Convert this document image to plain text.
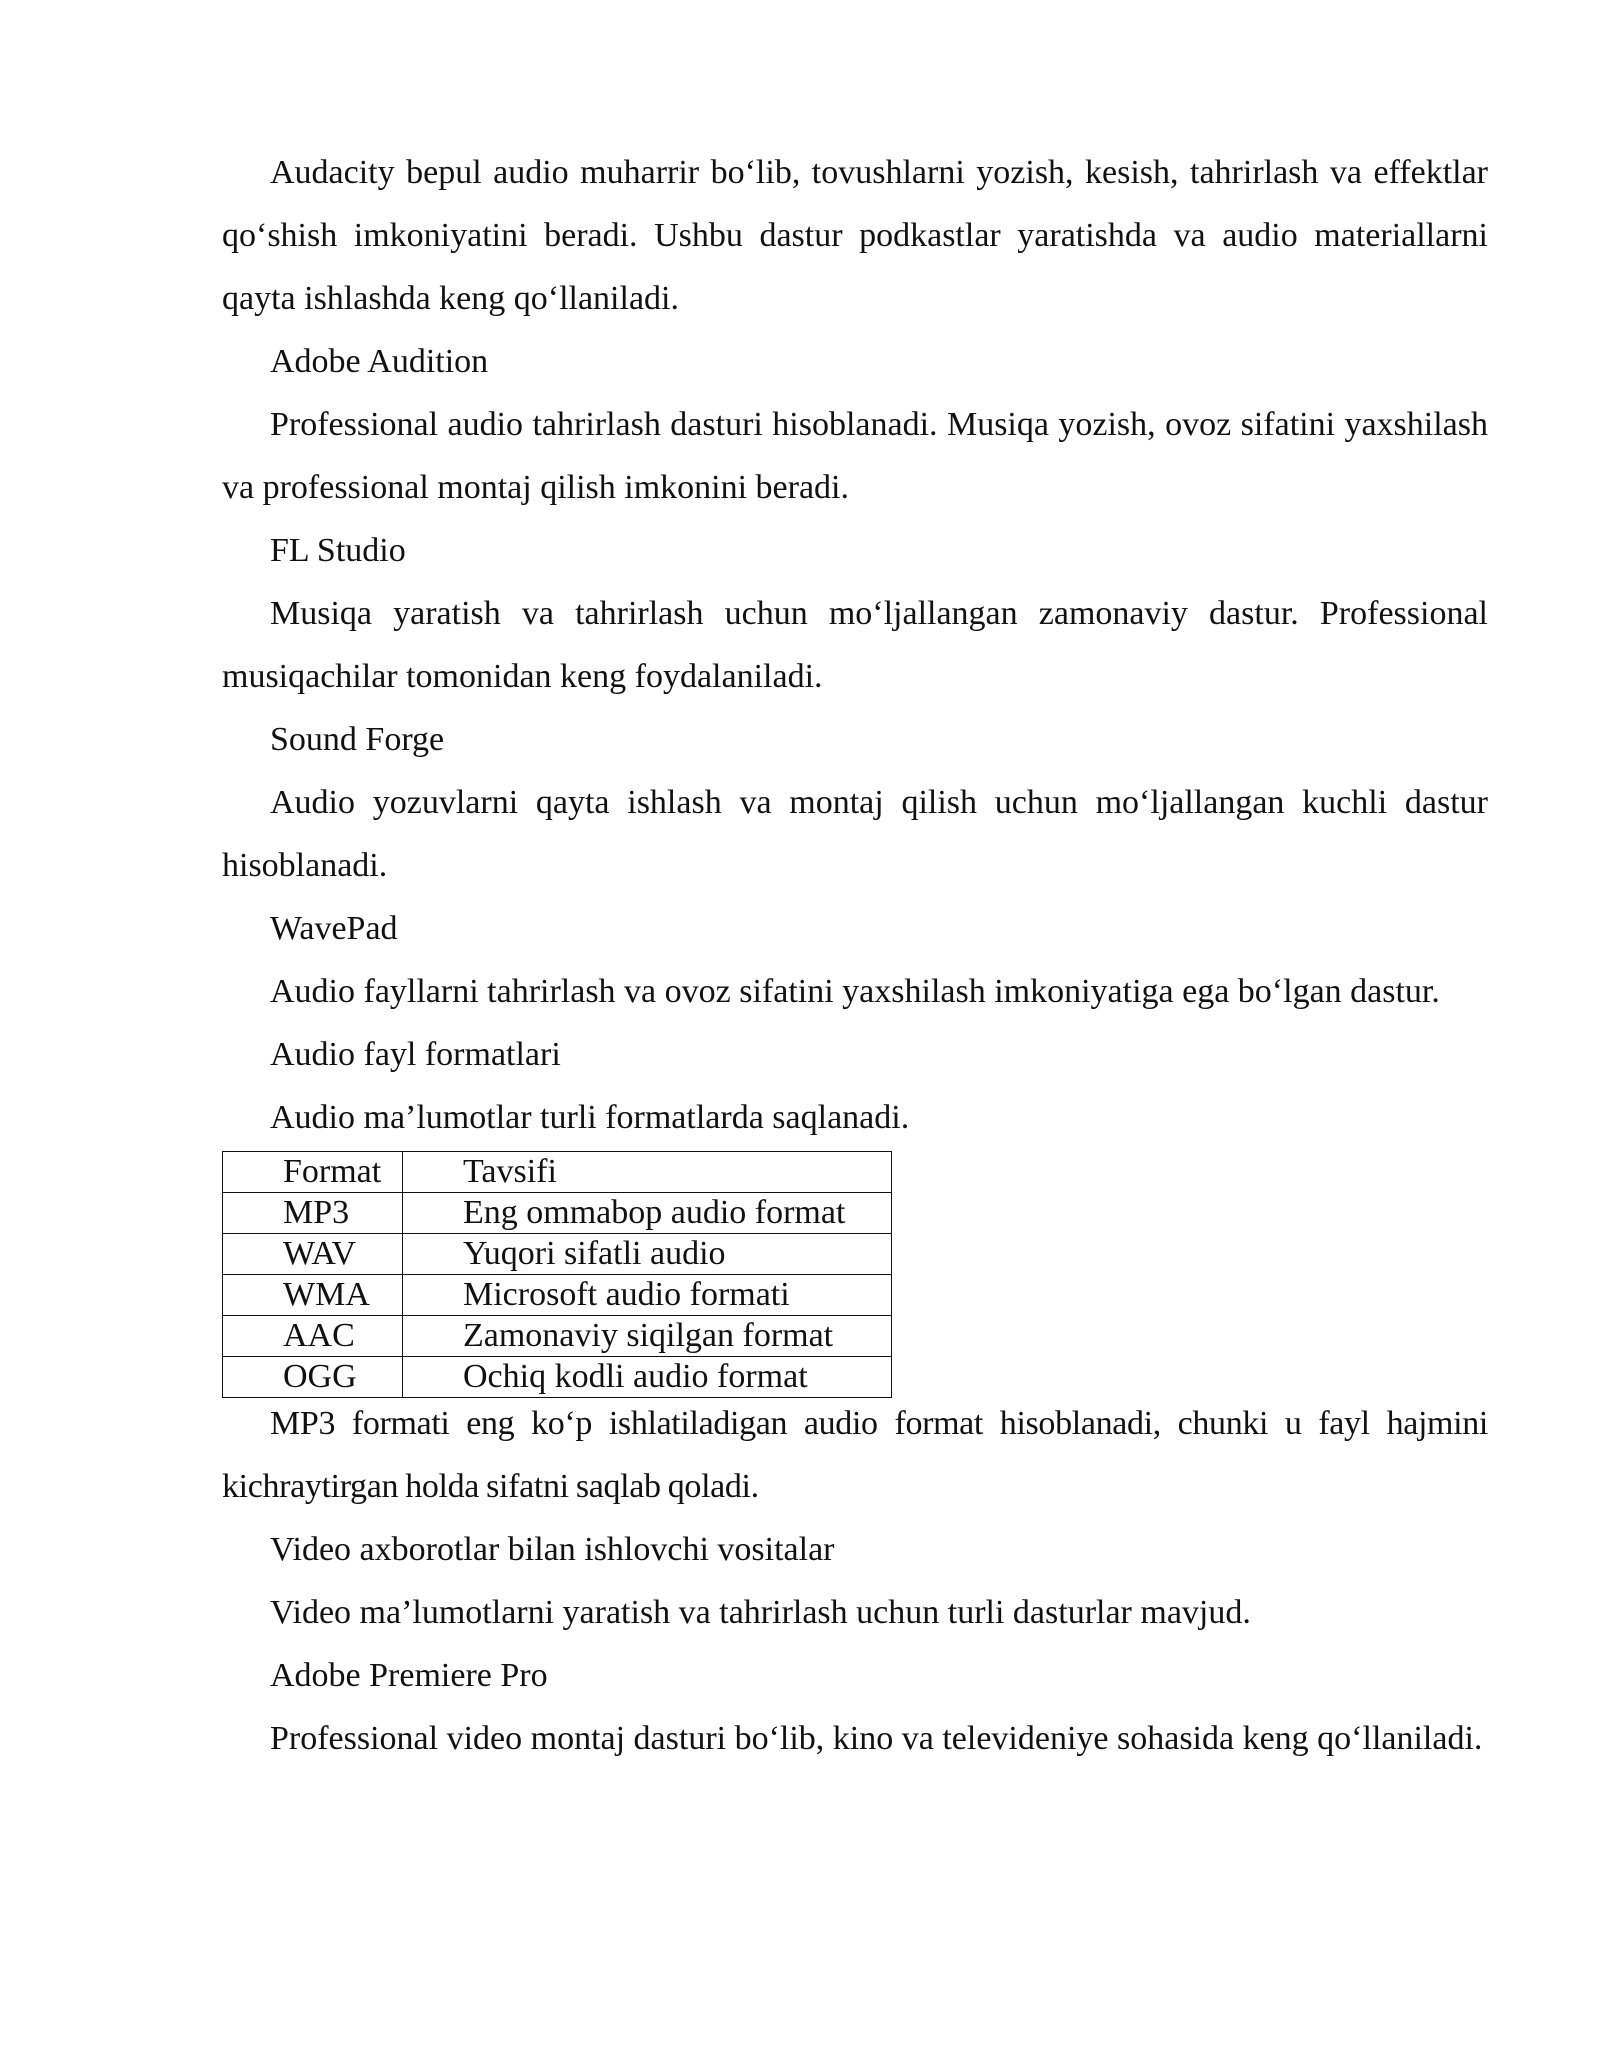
Audacity bepul audio muharrir bo‘lib, tovushlarni yozish, kesish, tahrirlash va effektlar qo‘shish imkoniyatini beradi. Ushbu dastur podkastlar yaratishda va audio materiallarni qayta ishlashda keng qo‘llaniladi.

Adobe Audition

Professional audio tahrirlash dasturi hisoblanadi. Musiqa yozish, ovoz sifatini yaxshilash va professional montaj qilish imkonini beradi.

FL Studio

Musiqa yaratish va tahrirlash uchun mo‘ljallangan zamonaviy dastur. Professional musiqachilar tomonidan keng foydalaniladi.

Sound Forge

Audio yozuvlarni qayta ishlash va montaj qilish uchun mo‘ljallangan kuchli dastur hisoblanadi.

WavePad

Audio fayllarni tahrirlash va ovoz sifatini yaxshilash imkoniyatiga ega bo‘lgan dastur.

Audio fayl formatlari

Audio ma’lumotlar turli formatlarda saqlanadi.

Format	Tavsifi
MP3	Eng ommabop audio format
WAV	Yuqori sifatli audio
WMA	Microsoft audio formati
AAC	Zamonaviy siqilgan format
OGG	Ochiq kodli audio format

MP3 formati eng ko‘p ishlatiladigan audio format hisoblanadi, chunki u fayl hajmini kichraytirgan holda sifatni saqlab qoladi.

Video axborotlar bilan ishlovchi vositalar

Video ma’lumotlarni yaratish va tahrirlash uchun turli dasturlar mavjud.

Adobe Premiere Pro

Professional video montaj dasturi bo‘lib, kino va televideniye sohasida keng qo‘llaniladi.
